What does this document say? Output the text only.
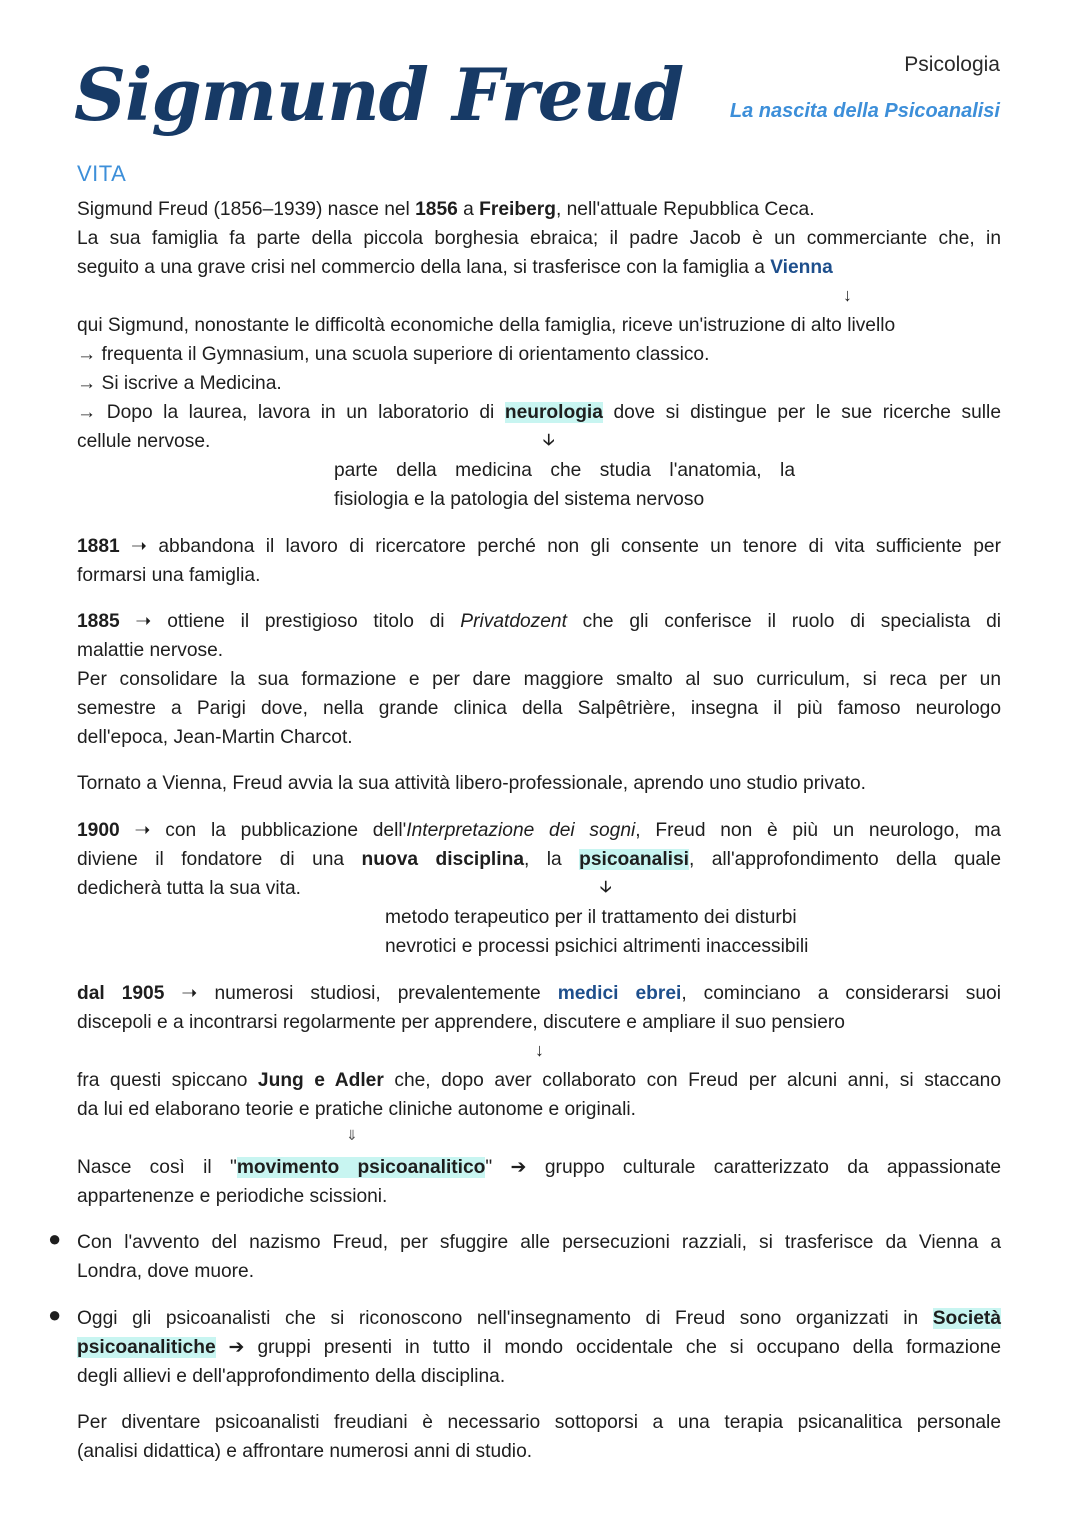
Sigmund Freud	Psicologia
La nascita della Psicoanalisi
VITA
Sigmund Freud (1856–1939) nasce nel 1856 a Freiberg, nell'attuale Repubblica Ceca.
La sua famiglia fa parte della piccola borghesia ebraica; il padre Jacob è un commerciante che, in
seguito a una grave crisi nel commercio della lana, si trasferisce con la famiglia a Vienna
↓
qui Sigmund, nonostante le difficoltà economiche della famiglia, riceve un'istruzione di alto livello
→ frequenta il Gymnasium, una scuola superiore di orientamento classico.
→ Si iscrive a Medicina.
→ Dopo la laurea, lavora in un laboratorio di neurologia dove si distingue per le sue ricerche sulle
cellule nervose.	🡣
parte della medicina che studia l'anatomia, la
fisiologia e la patologia del sistema nervoso
1881 ➝ abbandona il lavoro di ricercatore perché non gli consente un tenore di vita sufficiente per
formarsi una famiglia.
1885 ➝ ottiene il prestigioso titolo di Privatdozent che gli conferisce il ruolo di specialista di
malattie nervose.
Per consolidare la sua formazione e per dare maggiore smalto al suo curriculum, si reca per un
semestre a Parigi dove, nella grande clinica della Salpêtrière, insegna il più famoso neurologo
dell'epoca, Jean-Martin Charcot.
Tornato a Vienna, Freud avvia la sua attività libero-professionale, aprendo uno studio privato.
1900 ➝ con la pubblicazione dell'Interpretazione dei sogni, Freud non è più un neurologo, ma
diviene il fondatore di una nuova disciplina, la psicoanalisi, all'approfondimento della quale
dedicherà tutta la sua vita.	🡣
metodo terapeutico per il trattamento dei disturbi
nevrotici e processi psichici altrimenti inaccessibili
dal 1905 ➝ numerosi studiosi, prevalentemente medici ebrei, cominciano a considerarsi suoi
discepoli e a incontrarsi regolarmente per apprendere, discutere e ampliare il suo pensiero
↓
fra questi spiccano Jung e Adler che, dopo aver collaborato con Freud per alcuni anni, si staccano
da lui ed elaborano teorie e pratiche cliniche autonome e originali.
⇓
Nasce così il "movimento psicoanalitico" ➔ gruppo culturale caratterizzato da appassionate
appartenenze e periodiche scissioni.
● Con l'avvento del nazismo Freud, per sfuggire alle persecuzioni razziali, si trasferisce da Vienna a
Londra, dove muore.
● Oggi gli psicoanalisti che si riconoscono nell'insegnamento di Freud sono organizzati in Società
psicoanalitiche ➔ gruppi presenti in tutto il mondo occidentale che si occupano della formazione
degli allievi e dell'approfondimento della disciplina.
Per diventare psicoanalisti freudiani è necessario sottoporsi a una terapia psicanalitica personale
(analisi didattica) e affrontare numerosi anni di studio.
